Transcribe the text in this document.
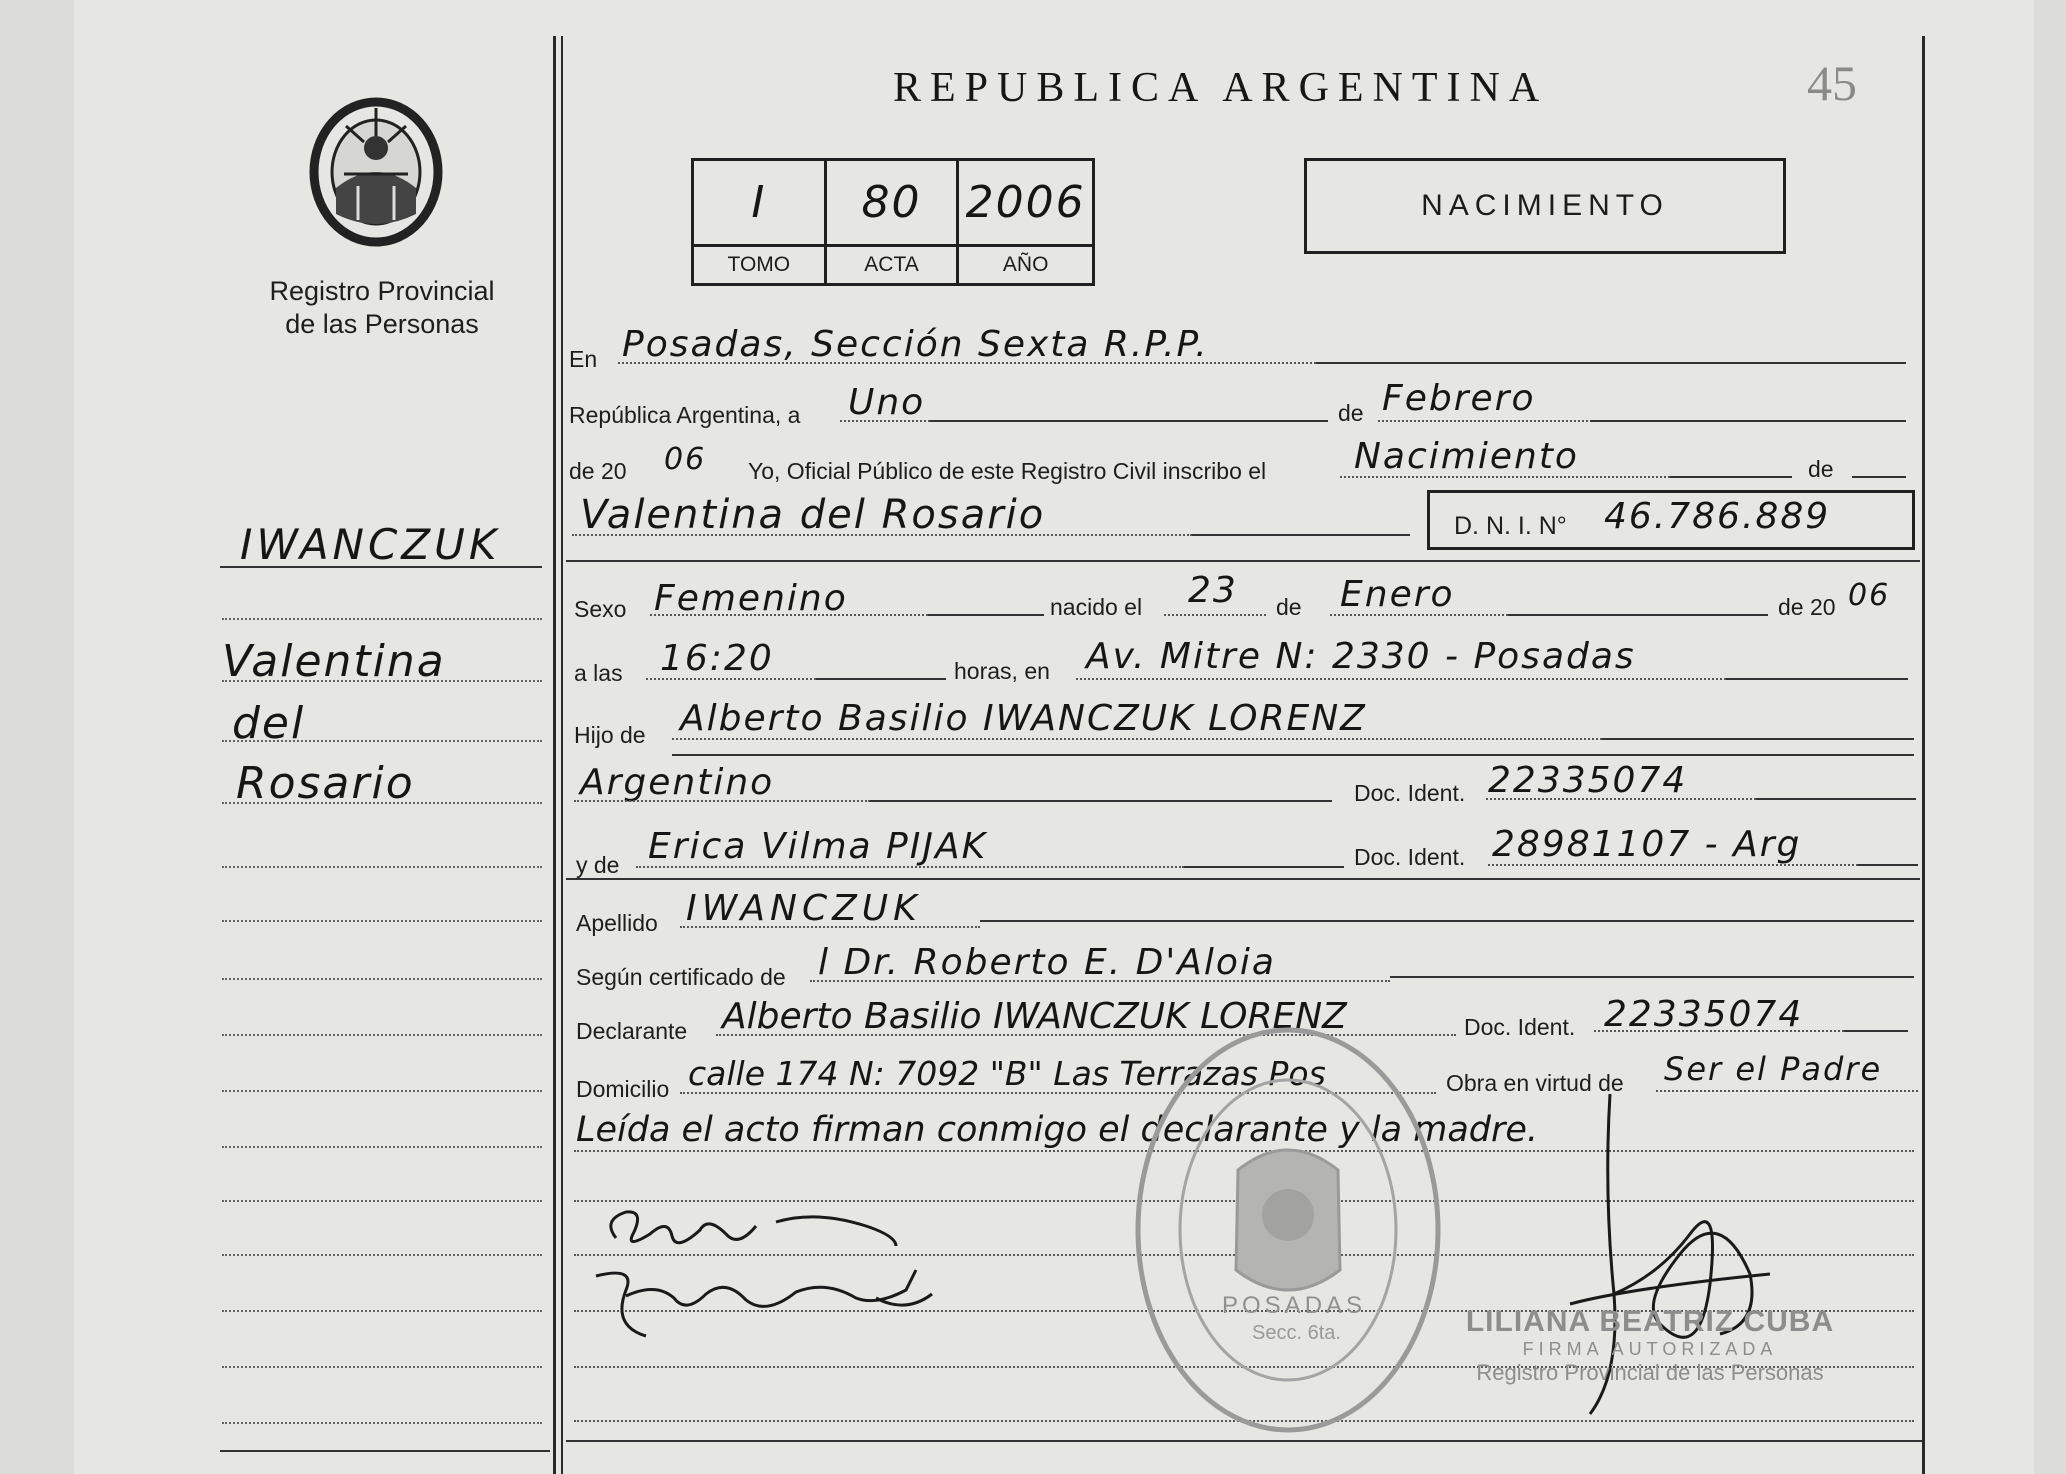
Registro Provincial
de las Personas
IWANCZUK
Valentina
del
Rosario
REPUBLICA ARGENTINA	45
I	80	2006
TOMO	ACTA	AÑO
NACIMIENTO
En Posadas, Sección Sexta R.P.P.
República Argentina, a Uno	de Febrero
de 20 06 Yo, Oficial Público de este Registro Civil inscribo el Nacimiento	de
Valentina del Rosario	D. N. I. N° 46.786.889
Sexo Femenino	nacido el 23 de Enero	de 20 06
a las 16:20	horas, en Av. Mitre N: 2330 - Posadas
Hijo de Alberto Basilio IWANCZUK LORENZ
Argentino	Doc. Ident. 22335074
y de Erica Vilma PIJAK	Doc. Ident. 28981107 - Arg
Apellido IWANCZUK
Según certificado de l Dr. Roberto E. D'Aloia
Declarante Alberto Basilio IWANCZUK LORENZ	Doc. Ident. 22335074
Domicilio calle 174 N: 7092 "B" Las Terrazas Pos	Obra en virtud de Ser el Padre
Leída el acto firman conmigo el declarante y la madre.
POSADAS
Secc. 6ta.	LILIANA BEATRIZ CUBA
FIRMA AUTORIZADA
Registro Provincial de las Personas
